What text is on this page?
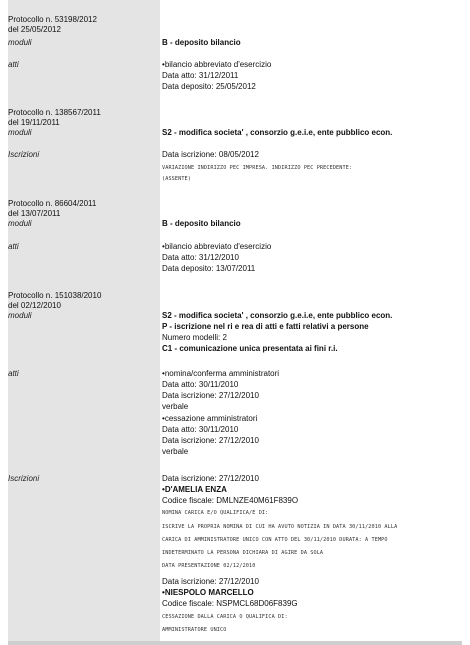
Protocollo n. 53198/2012
del 25/05/2012
moduli	B - deposito bilancio
atti	• bilancio abbreviato d'esercizio
Data atto: 31/12/2011
Data deposito: 25/05/2012
Protocollo n. 138567/2011
del 19/11/2011
moduli	S2 - modifica societa' , consorzio g.e.i.e, ente pubblico econ.
Iscrizioni	Data iscrizione: 08/05/2012
VARIAZIONE INDIRIZZO PEC IMPRESA. INDIRIZZO PEC PRECEDENTE:
(ASSENTE)
Protocollo n. 86604/2011
del 13/07/2011
moduli	B - deposito bilancio
atti	• bilancio abbreviato d'esercizio
Data atto: 31/12/2010
Data deposito: 13/07/2011
Protocollo n. 151038/2010
del 02/12/2010
moduli	S2 - modifica societa' , consorzio g.e.i.e, ente pubblico econ.
P - iscrizione nel ri e rea di atti e fatti relativi a persone
Numero modelli: 2
C1 - comunicazione unica presentata ai fini r.i.
atti	• nomina/conferma amministratori
Data atto: 30/11/2010
Data iscrizione: 27/12/2010
verbale
• cessazione amministratori
Data atto: 30/11/2010
Data iscrizione: 27/12/2010
verbale
Iscrizioni	Data iscrizione: 27/12/2010
• D'AMELIA ENZA
Codice fiscale: DMLNZE40M61F839O
NOMINA CARICA E/O QUALIFICA/E DI:
ISCRIVE LA PROPRIA NOMINA DI CUI HA AVUTO NOTIZIA IN DATA 30/11/2010 ALLA
CARICA DI AMMINISTRATORE UNICO CON ATTO DEL 30/11/2010 DURATA: A TEMPO
INDETERMINATO LA PERSONA DICHIARA DI AGIRE DA SOLA
DATA PRESENTAZIONE 02/12/2010
Data iscrizione: 27/12/2010
• NIESPOLO MARCELLO
Codice fiscale: NSPMCL68D06F839G
CESSAZIONE DALLA CARICA O QUALIFICA DI:
AMMINISTRATORE UNICO
